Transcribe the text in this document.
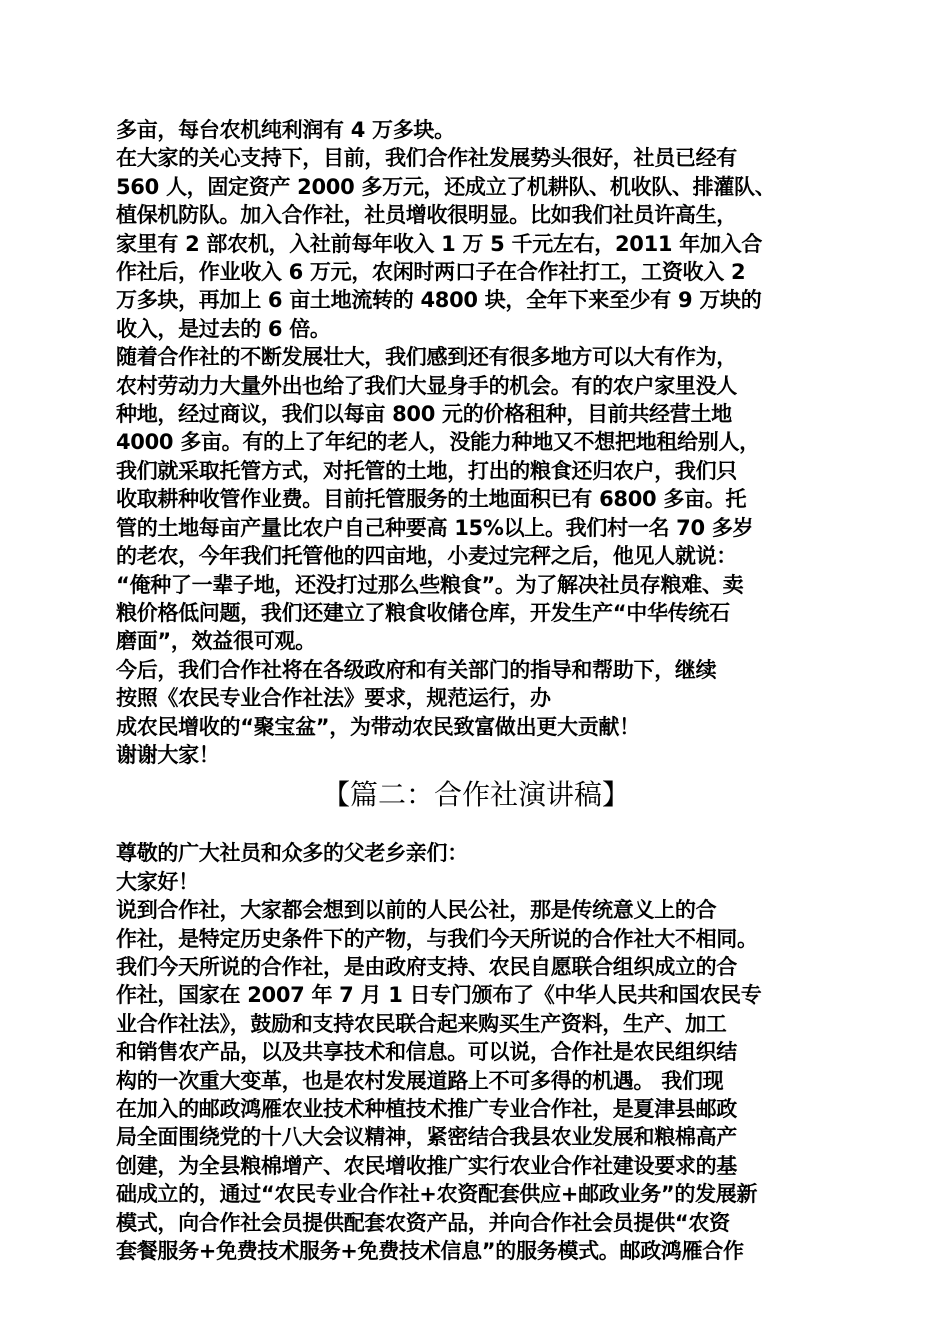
多亩，每台农机纯利润有 4 万多块。
在大家的关心支持下，目前，我们合作社发展势头很好，社员已经有
560 人，固定资产 2000 多万元，还成立了机耕队、机收队、排灌队、
植保机防队。加入合作社，社员增收很明显。比如我们社员许高生，
家里有 2 部农机，入社前每年收入 1 万 5 千元左右，2011 年加入合
作社后，作业收入 6 万元，农闲时两口子在合作社打工，工资收入 2
万多块，再加上 6 亩土地流转的 4800 块，全年下来至少有 9 万块的
收入，是过去的 6 倍。
随着合作社的不断发展壮大，我们感到还有很多地方可以大有作为，
农村劳动力大量外出也给了我们大显身手的机会。有的农户家里没人
种地，经过商议，我们以每亩 800 元的价格租种，目前共经营土地
4000 多亩。有的上了年纪的老人，没能力种地又不想把地租给别人，
我们就采取托管方式，对托管的土地，打出的粮食还归农户，我们只
收取耕种收管作业费。目前托管服务的土地面积已有 6800 多亩。托
管的土地每亩产量比农户自己种要高 15%以上。我们村一名 70 多岁
的老农，今年我们托管他的四亩地，小麦过完秤之后，他见人就说：
“俺种了一辈子地，还没打过那么些粮食”。为了解决社员存粮难、卖
粮价格低问题，我们还建立了粮食收储仓库，开发生产“中华传统石
磨面”，效益很可观。
今后，我们合作社将在各级政府和有关部门的指导和帮助下，继续
按照《农民专业合作社法》要求，规范运行，办
成农民增收的“聚宝盆”，为带动农民致富做出更大贡献！
谢谢大家！
【篇二：合作社演讲稿】
尊敬的广大社员和众多的父老乡亲们：
大家好！
说到合作社，大家都会想到以前的人民公社，那是传统意义上的合
作社，是特定历史条件下的产物，与我们今天所说的合作社大不相同。
我们今天所说的合作社，是由政府支持、农民自愿联合组织成立的合
作社，国家在 2007 年 7 月 1 日专门颁布了《中华人民共和国农民专
业合作社法》，鼓励和支持农民联合起来购买生产资料，生产、加工
和销售农产品，以及共享技术和信息。可以说，合作社是农民组织结
构的一次重大变革，也是农村发展道路上不可多得的机遇。 我们现
在加入的邮政鸿雁农业技术种植技术推广专业合作社，是夏津县邮政
局全面围绕党的十八大会议精神，紧密结合我县农业发展和粮棉高产
创建，为全县粮棉增产、农民增收推广实行农业合作社建设要求的基
础成立的，通过“农民专业合作社+农资配套供应+邮政业务”的发展新
模式，向合作社会员提供配套农资产品，并向合作社会员提供“农资
套餐服务+免费技术服务+免费技术信息”的服务模式。邮政鸿雁合作
